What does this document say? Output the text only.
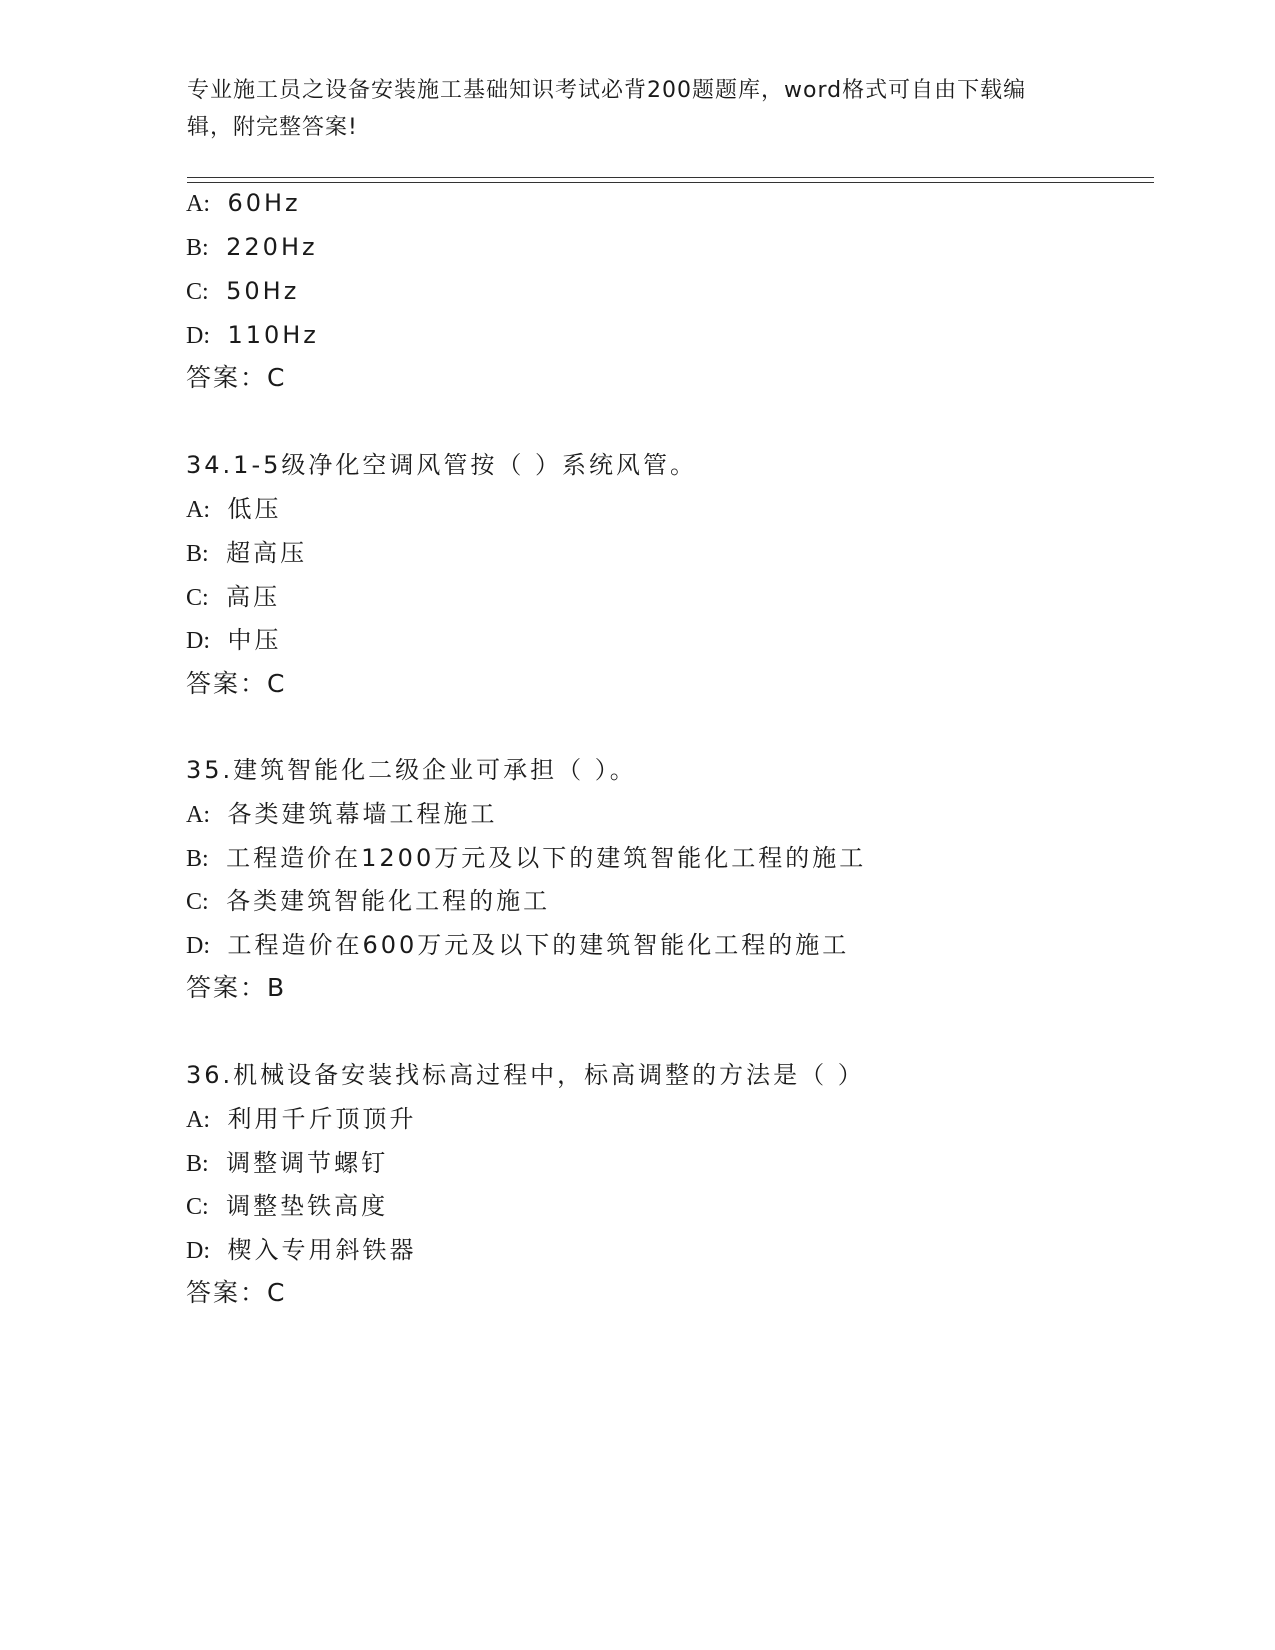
专业施工员之设备安装施工基础知识考试必背200题题库，word格式可自由下载编辑，附完整答案!
A: 60Hz
B: 220Hz
C: 50Hz
D: 110Hz
答案：C
34.1-5级净化空调风管按（ ）系统风管。
A: 低压
B: 超高压
C: 高压
D: 中压
答案：C
35.建筑智能化二级企业可承担（ ）。
A: 各类建筑幕墙工程施工
B: 工程造价在1200万元及以下的建筑智能化工程的施工
C: 各类建筑智能化工程的施工
D: 工程造价在600万元及以下的建筑智能化工程的施工
答案：B
36.机械设备安装找标高过程中，标高调整的方法是（ ）
A: 利用千斤顶顶升
B: 调整调节螺钉
C: 调整垫铁高度
D: 楔入专用斜铁器
答案：C
